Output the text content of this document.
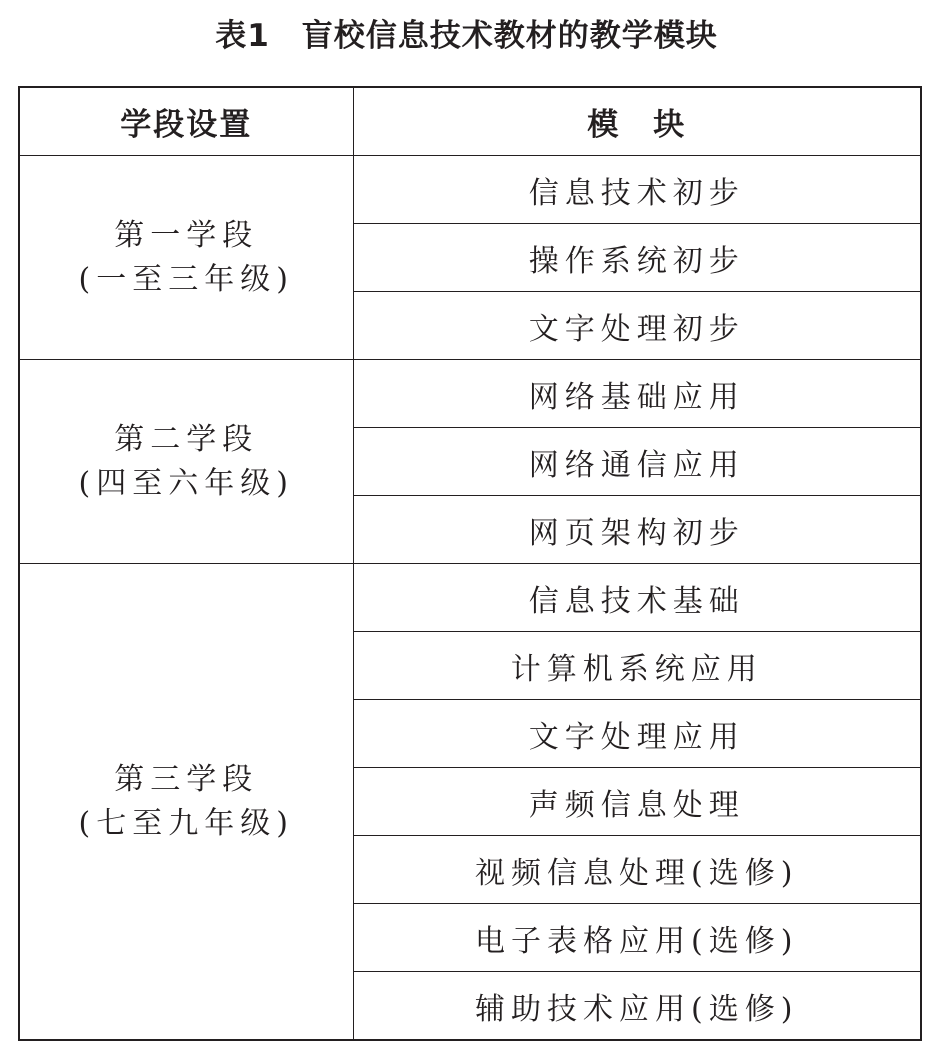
表1　盲校信息技术教材的教学模块
学段设置	模　块

第一学段
(一至三年级)	信息技术初步
	操作系统初步
	文字处理初步

第二学段
(四至六年级)	网络基础应用
	网络通信应用
	网页架构初步

第三学段
(七至九年级)	信息技术基础
	计算机系统应用
	文字处理应用
	声频信息处理
	视频信息处理(选修)
	电子表格应用(选修)
	辅助技术应用(选修)
